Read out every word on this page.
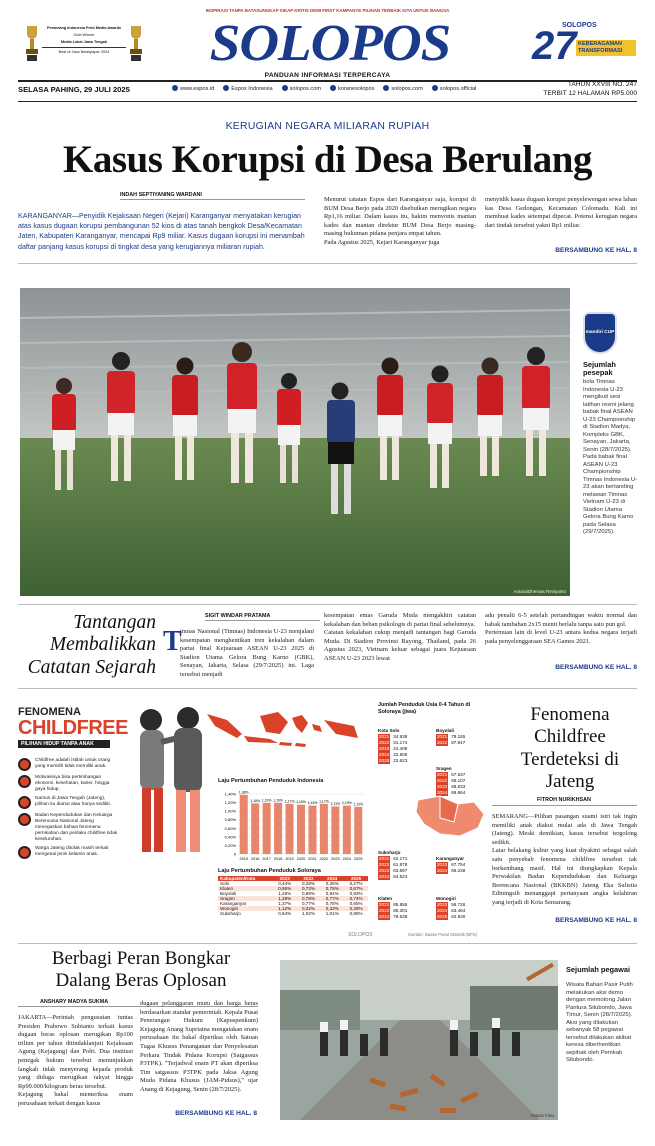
INSPIRASI TANPA BATASUNGKAP SIKAP KRITIS DEMI FIRST KAMPANYE PILIHAN TERBAIK KITA UNTUK BANGSA
Pemenang Indonesia Print Media Awards
Gold Winner
Media Lokal Jawa Tengah
Best of Java Newspaper 2024	SOLOPOS
PANDUAN INFORMASI TERPERCAYA
SOLOPOS
27 KEBERAGAMAN TRANSFORMASI
SELASA PAHING, 29 JULI 2025	www.espos.id	Espos Indonesia	solopos.com	koranesolopos	solopos.com	solopos.official
TAHUN XXVIII NO. 247
TERBIT 12 HALAMAN RP5.000
KERUGIAN NEGARA MILIARAN RUPIAH
Kasus Korupsi di Desa Berulang
INDAH SEPTIYANING WARDANI

KARANGANYAR—Penyidik Kejaksaan Negeri (Kejari) Karanganyar menyatakan kerugian atas kasus dugaan korupsi pembangunan 52 kios di atas tanah bengkok Desa/Kecamatan Jaten, Kabupaten Karanganyar, mencapai Rp9 miliar. Kasus dugaan korupsi ini menambah daftar panjang kasus korupsi di tingkat desa yang kerugiannya miliaran rupiah.

Menurut catatan Espos dari Karanganyar saja, korupsi di BUM Desa Berjo pada 2020 disebutkan merugikan negara Rp1,16 miliar. Dalam kasus itu, hakim menvonis mantan kades dan mantan direktur BUM Desa Berjo masing-masing hukuman pidana penjara empat tahun.
Pada Agustus 2025, Kejari Karanganyar juga

menyidik kasus dugaan korupsi penyelewengan sewa lahan kas Desa Gedongan, Kecamatan Colomadu. Kali ini membuat kades setempat dipecat. Potensi kerugian negara dari tindak tersebut yakni Rp1 miliar.

BERSAMBUNG KE HAL. 8
Antara/Dhemas Reviyanto
mandiri CUP
Sejumlah pesepak

bola Timnas Indonesia U-23 mengikuti sesi latihan resmi jelang babak final ASEAN U-23 Championship di Stadion Madya, Kompleks GBK, Senayan, Jakarta, Senin (28/7/2025). Pada babak final ASEAN U-23 Championship Timnas Indonesia U-23 akan bertanding melawan Timnas Vietnam U-23 di Stadion Utama Gelora Bung Karno pada Selasa (29/7/2025).

Tantangan Membalikkan Catatan Sejarah
SIGIT WINDAR PRATAMA
T

imnas Nasional (Timnas) Indonesia U-23 menjalani kesempatan menghentikan tren kekalahan dalam partai final Kejuaraan ASEAN U-23 2025 di Stadion Utama Gelora Bung Karno (GBK), Senayan, Jakarta, Selasa (29/7/2025) ini. Laga tersebut menjadi

kesempatan emas Garuda Muda mengakhiri catatan kekalahan dan beban psikologis di partai final sebelumnya.
Catatan kekalahan cukup menjadi tantangan bagi Garuda Muda. Di Stadion Provinsi Rayong, Thailand, pada 26 Agustus 2023, Vietnam keluar sebagai juara Kejuaraan ASEAN U-23 2023 lewat

adu penalti 6-5 setelah pertandingan waktu normal dan babak tambahan 2x15 menit berlalu tanpa satu pun gol.
Pertemuan lain di level U-23 antara kedua negara terjadi pada penyelenggaraan SEA Games 2021.

BERSAMBUNG KE HAL. 8
FENOMENA
CHILDFREE
PILIHAN HIDUP TANPA ANAK
Childfree adalah istilah untuk orang yang memilih tidak memiliki anak.
Motivasinya bisa pertimbangan ekonomi, kesehatan, karier, hingga gaya hidup.
Namun di Jawa Tengah (Jateng), pilihan itu dianut atau hanya sedikit.
Badan Kependudukan dan Keluarga Berencana Nasional Jateng menegaskan bahwa fenomena pernikahan dan perilaku childfree tidak keseluruhan.
Warga Jateng ditolak masih terkait mengenai jenis kelamin anak.
Laju Pertumbuhan Penduduk Indonesia
0
0,20%
0,40%
0,60%
0,80%
1,00%
1,20%
1,40% 1,38%
2015
1,18%
2016
1,19%
2017
1,19%
2018
1,17%
2019
1,15%
2020
1,13%
2021
1,17%
2022
1,11%
2023
1,13%
2024
1,10%
2025
Laju Pertumbuhan Penduduk Soloraya
Kabupaten/Kota	2023	2022	2024	2025
Solo	0,44%	0,28%	0,26%	0,27%
Klaten	0,86%	0,72%	0,78%	0,67%
Boyolali	1,26%	0,98%	0,94%	0,93%
Sragen	1,28%	0,78%	0,77%	0,74%
Karanganyar	1,37%	0,77%	0,78%	0,65%
Wonogiri	1,12%	0,32%	0,33%	0,28%
Sukoharjo	0,84%	1,02%	1,01%	0,98%
Jumlah Penduduk Usia 0-4 Tahun di Soloraya (jiwa)
Kota Solo
2021 34.938
2022 31.174
2023 24.408
2024 22.805
2025 22.623
Boyolali
2021 79.155
2022 87.947
Sragen
2021 67.637
2022 66.107
2023 68.633
2024 69.864
Sukoharjo
2021 62.171
2022 61.878
2023 63.897
2024 64.524
Karanganyar
2023 67.754
2024 66.238
Klaten
2021 85.855
2022 85.301
2024 78.538
Wonogiri
2023 56.726
2024 63.464
2025 64.930
SOLOPOS	Sumber: Badan Pusat Statistik (BPS)
Fenomena Childfree Terdeteksi di Jateng
FITROH NURIKHSAN

SEMARANG—Pilihan pasangan suami istri tak ingin memiliki anak diakui mulai ada di Jawa Tengah (Jateng). Meski demikian, kasus tersebut tergolong sedikit.
Latar belakang kultur yang kuat diyakini sebagai salah satu penyebab fenomena childfree tersebut tak berkembang masif. Hal ini diungkapkan Kepala Perwakilan Badan Kependudukan dan Keluarga Berencana Nasional (BKKBN) Jateng Eka Sulistia Ediningsih menanggapi pertanyaan angka kelahiran yang terjadi di Kota Semarang.

BERSAMBUNG KE HAL. 8
Berbagi Peran Bongkar Dalang Beras Oplosan
ANSHARY MADYA SUKMA

JAKARTA—Perintah pengusutan tuntas Presiden Prabowo Subianto terkait kasus dugaan beras oplosan merugikan Rp100 triliun per tahun ditindaklanjuti Kejaksaan Agung (Kejagung) dan Polri. Dua institusi penegak hukum tersebut menunjukkan langkah tidak menyerang kepada produk yang diduga merugikan rakyat hingga Rp99.000/kilogram beras tersebut.
Kejagung bakal memeriksa enam perusahaan terkait dengan kasus

dugaan pelanggaran mutu dan harga beras berdasarkan standar pemerintah. Kepala Pusat Penerangan Hukum (Kapuspenkum) Kejagung Anang Supriatna mengatakan enam perusahaan itu bakal diperiksa oleh Satuan Tugas Khusus Penanganan dan Penyelesaian Perkara Tindak Pidana Korupsi (Satgassus P3TPK). "Terjadwal enam PT akan diperiksa Tim satgassus P3TPK pada Jaksa Agung Muda Pidana Khusus (JAM-Pidsus)," ujar Anang di Kejagung, Senin (28/7/2025).

BERSAMBUNG KE HAL. 8	Antara Foto
Sejumlah pegawai

Wisata Bahari Pasir Putih melakukan aksi demo dengan memotong Jalan Pantura Situbondo, Jawa Timur, Senin (28/7/2025). Aksi yang dilakukan sebanyak 58 pegawai tersebut dilakukan akibat keresa diberhentikan sepihak oleh Pemkab Situbondo.
